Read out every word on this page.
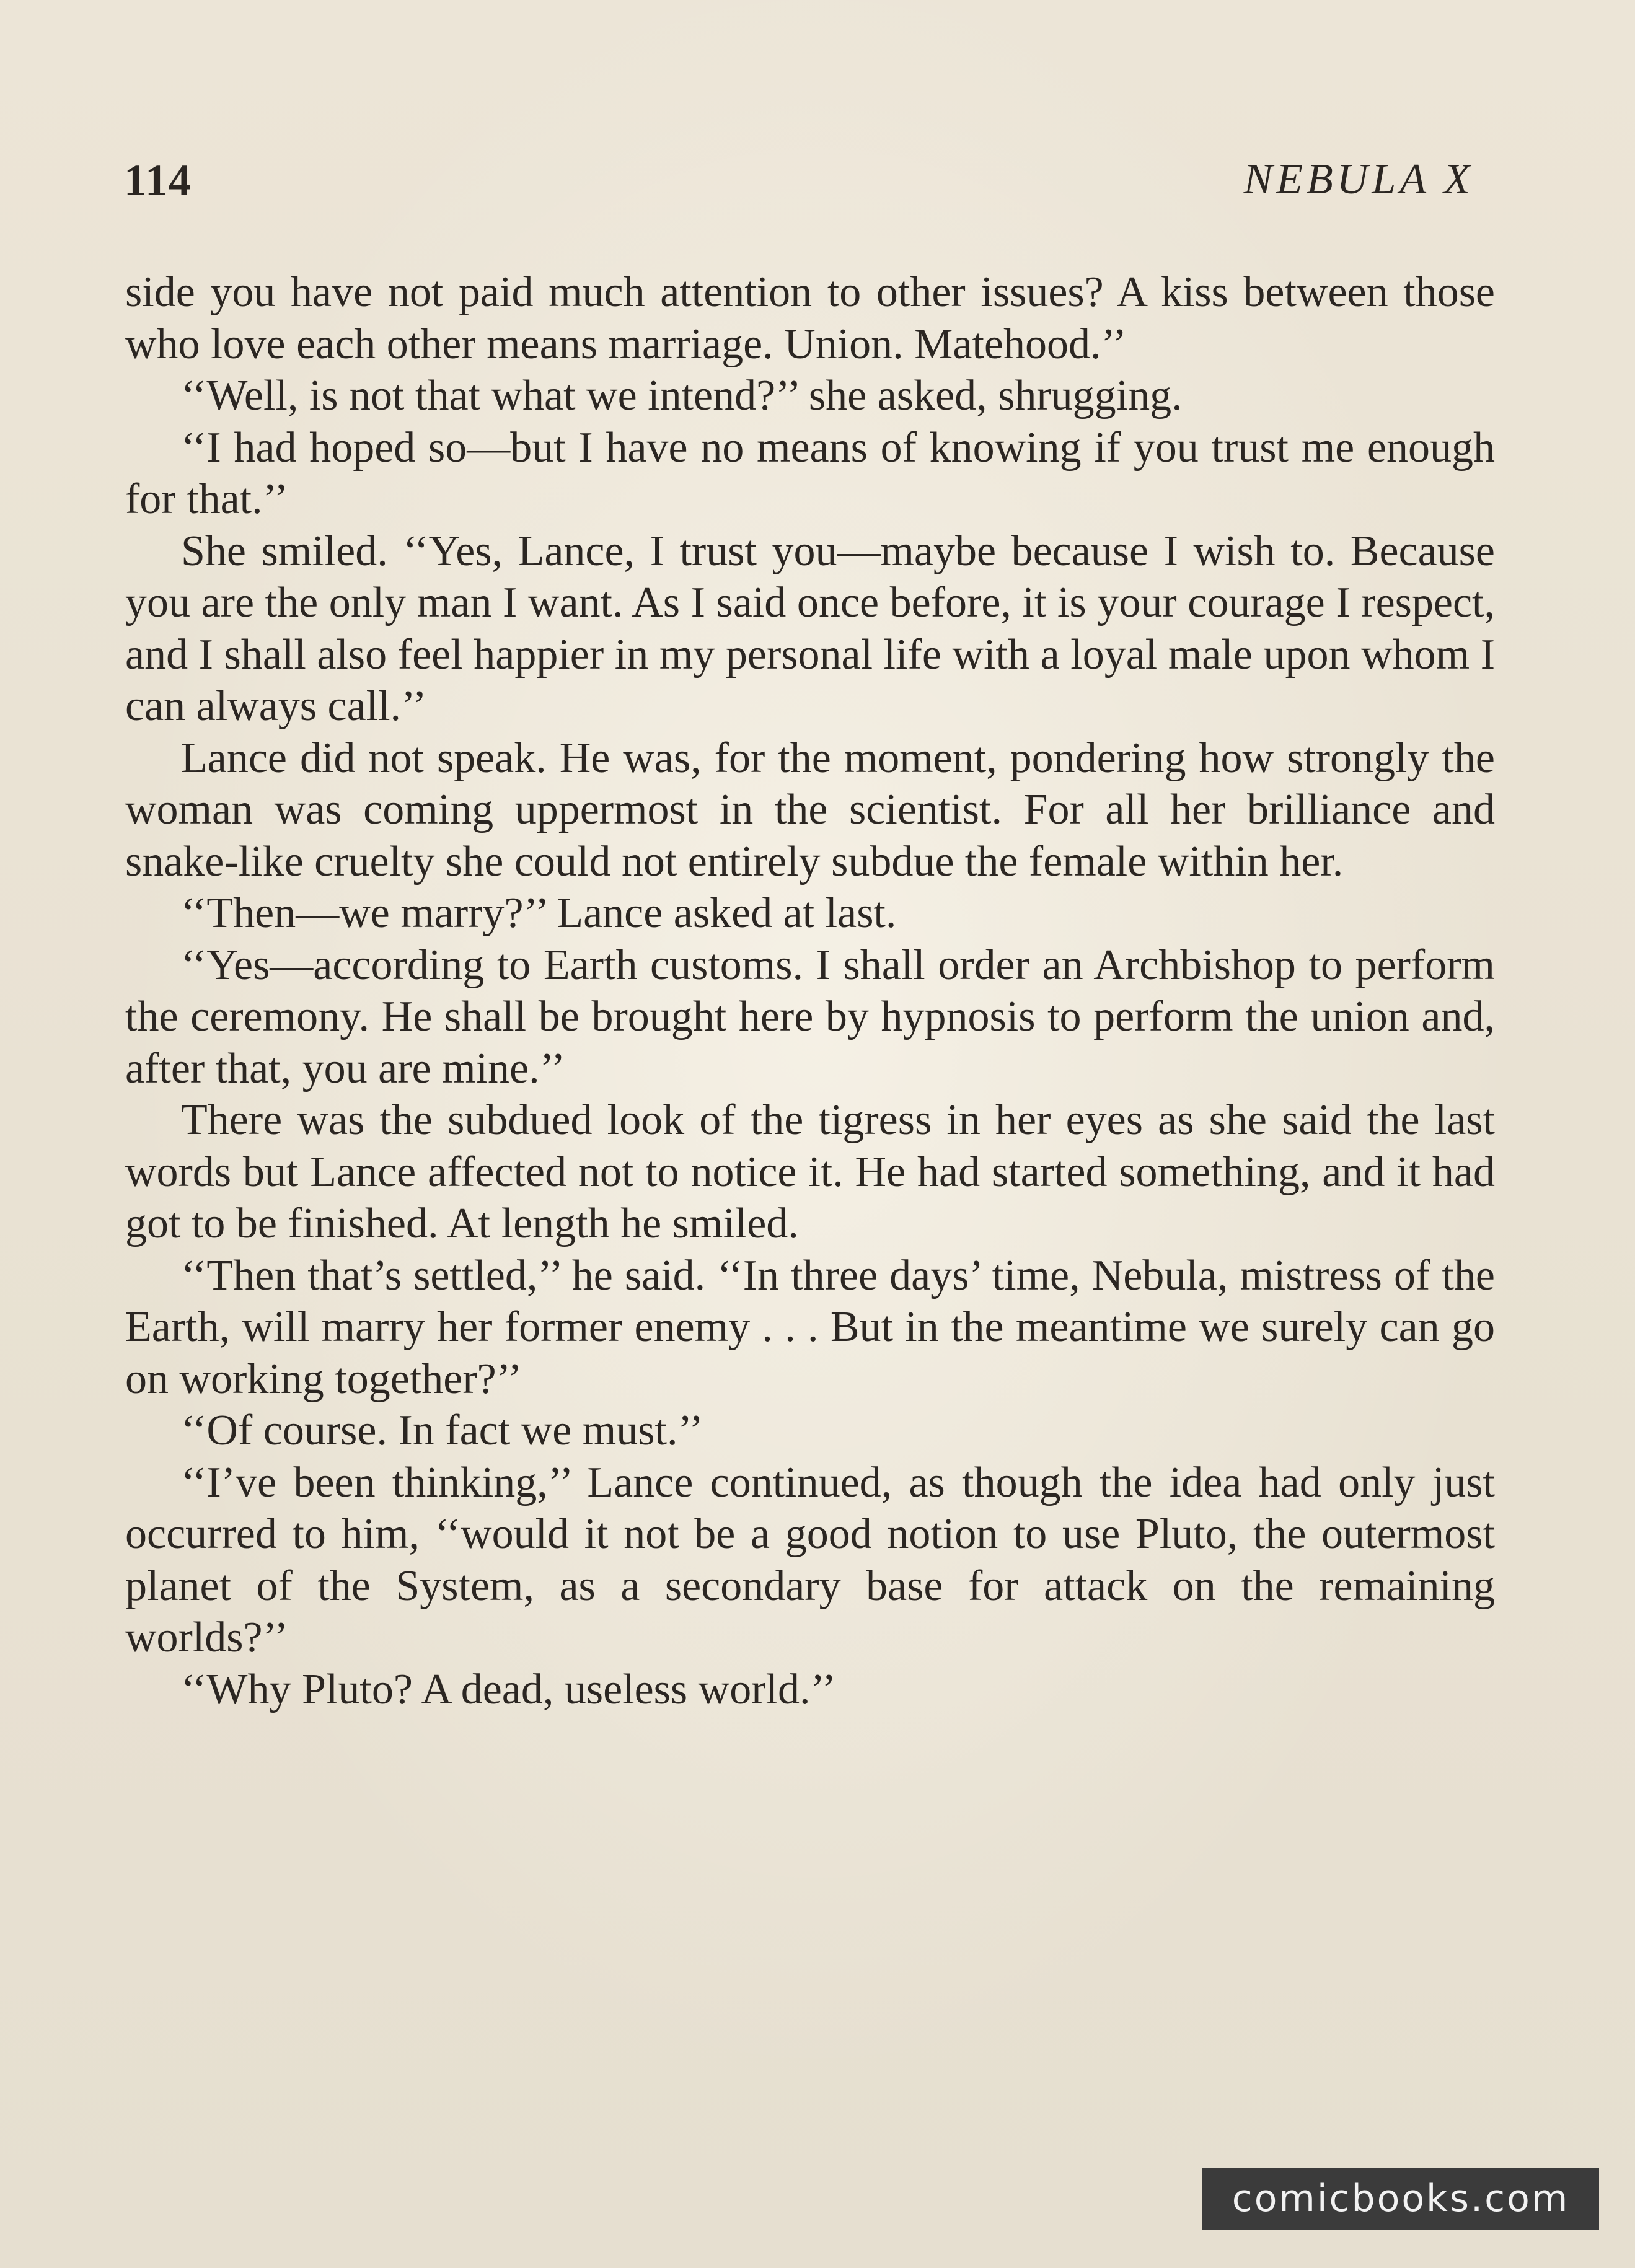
114	NEBULA X

side you have not paid much attention to other issues? A kiss between those who love each other means marriage. Union. Matehood.’’

‘‘Well, is not that what we intend?’’ she asked, shrugging.

‘‘I had hoped so—but I have no means of knowing if you trust me enough for that.’’

She smiled. ‘‘Yes, Lance, I trust you—maybe because I wish to. Because you are the only man I want. As I said once before, it is your courage I respect, and I shall also feel happier in my personal life with a loyal male upon whom I can always call.’’

Lance did not speak. He was, for the moment, pondering how strongly the woman was coming uppermost in the scientist. For all her brilliance and snake-like cruelty she could not entirely subdue the female within her.

‘‘Then—we marry?’’ Lance asked at last.

‘‘Yes—according to Earth customs. I shall order an Archbishop to perform the ceremony. He shall be brought here by hypnosis to perform the union and, after that, you are mine.’’

There was the subdued look of the tigress in her eyes as she said the last words but Lance affected not to notice it. He had started something, and it had got to be finished. At length he smiled.

‘‘Then that’s settled,’’ he said. ‘‘In three days’ time, Nebula, mistress of the Earth, will marry her former enemy . . . But in the meantime we surely can go on working together?’’

‘‘Of course. In fact we must.’’

‘‘I’ve been thinking,’’ Lance continued, as though the idea had only just occurred to him, ‘‘would it not be a good notion to use Pluto, the outermost planet of the System, as a secondary base for attack on the remaining worlds?’’

‘‘Why Pluto? A dead, useless world.’’

comicbooks.com
